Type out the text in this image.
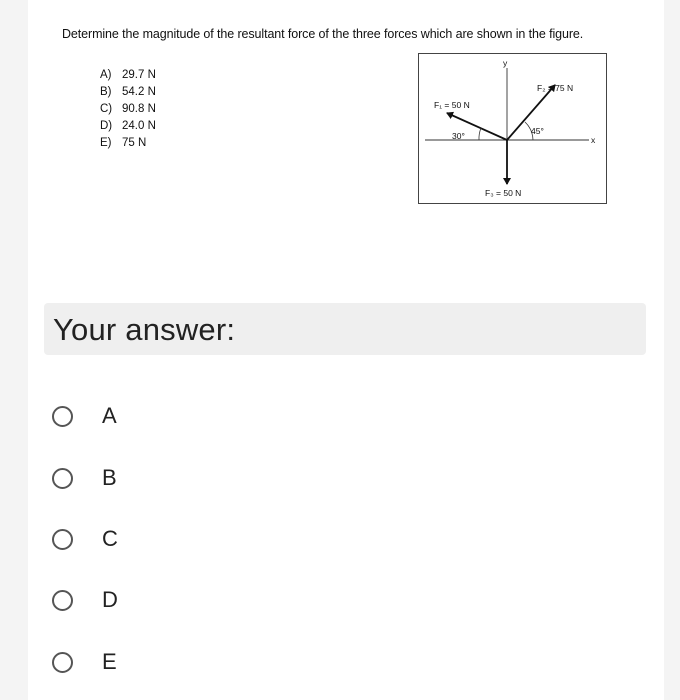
Determine the magnitude of the resultant force of the three forces which are shown in the figure.
A) 29.7 N
B) 54.2 N
C) 90.8 N
D) 24.0 N
E) 75 N
y
x
F₁ = 50 N
30°
F₂ = 75 N
45°
F₃ = 50 N
Your answer:
A
B
C
D
E
